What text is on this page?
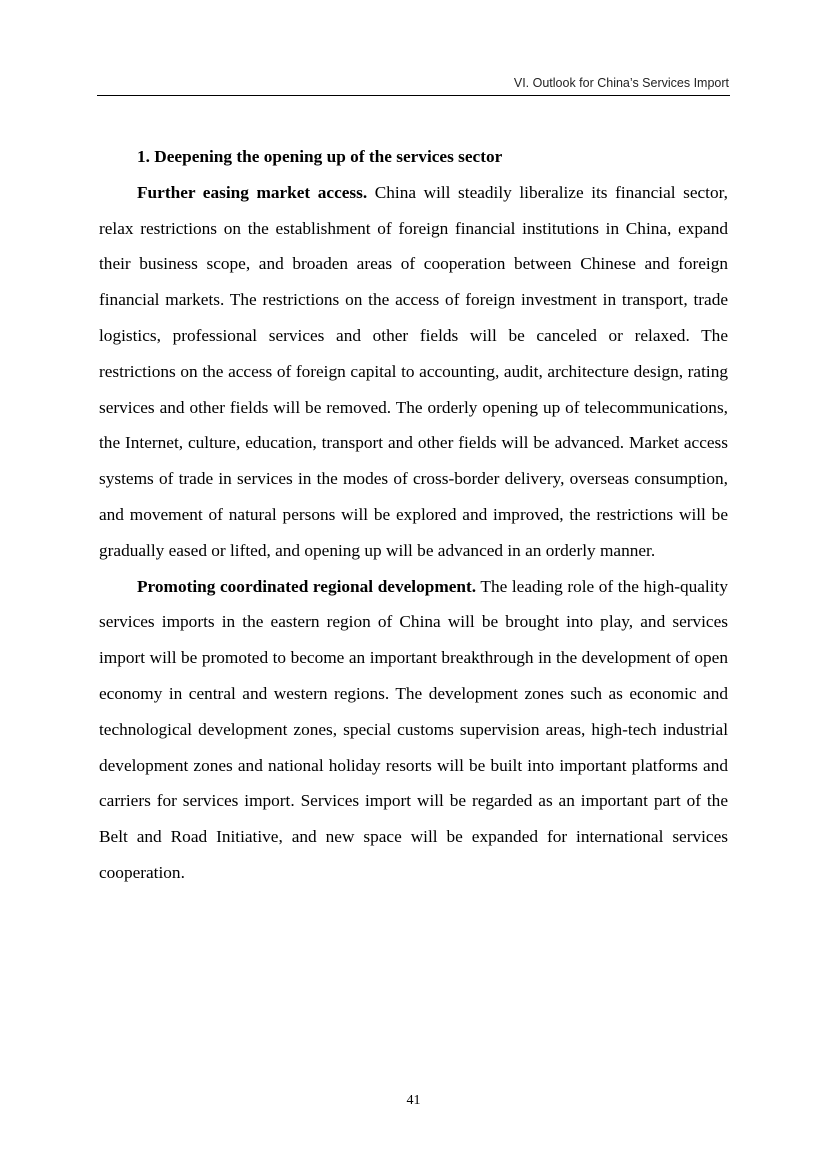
VI. Outlook for China’s Services Import

1. Deepening the opening up of the services sector

Further easing market access. China will steadily liberalize its financial sector, relax restrictions on the establishment of foreign financial institutions in China, expand their business scope, and broaden areas of cooperation between Chinese and foreign financial markets. The restrictions on the access of foreign investment in transport, trade logistics, professional services and other fields will be canceled or relaxed. The restrictions on the access of foreign capital to accounting, audit, architecture design, rating services and other fields will be removed. The orderly opening up of telecommunications, the Internet, culture, education, transport and other fields will be advanced. Market access systems of trade in services in the modes of cross-border delivery, overseas consumption, and movement of natural persons will be explored and improved, the restrictions will be gradually eased or lifted, and opening up will be advanced in an orderly manner.

Promoting coordinated regional development. The leading role of the high-quality services imports in the eastern region of China will be brought into play, and services import will be promoted to become an important breakthrough in the development of open economy in central and western regions. The development zones such as economic and technological development zones, special customs supervision areas, high-tech industrial development zones and national holiday resorts will be built into important platforms and carriers for services import. Services import will be regarded as an important part of the Belt and Road Initiative, and new space will be expanded for international services cooperation.

41
